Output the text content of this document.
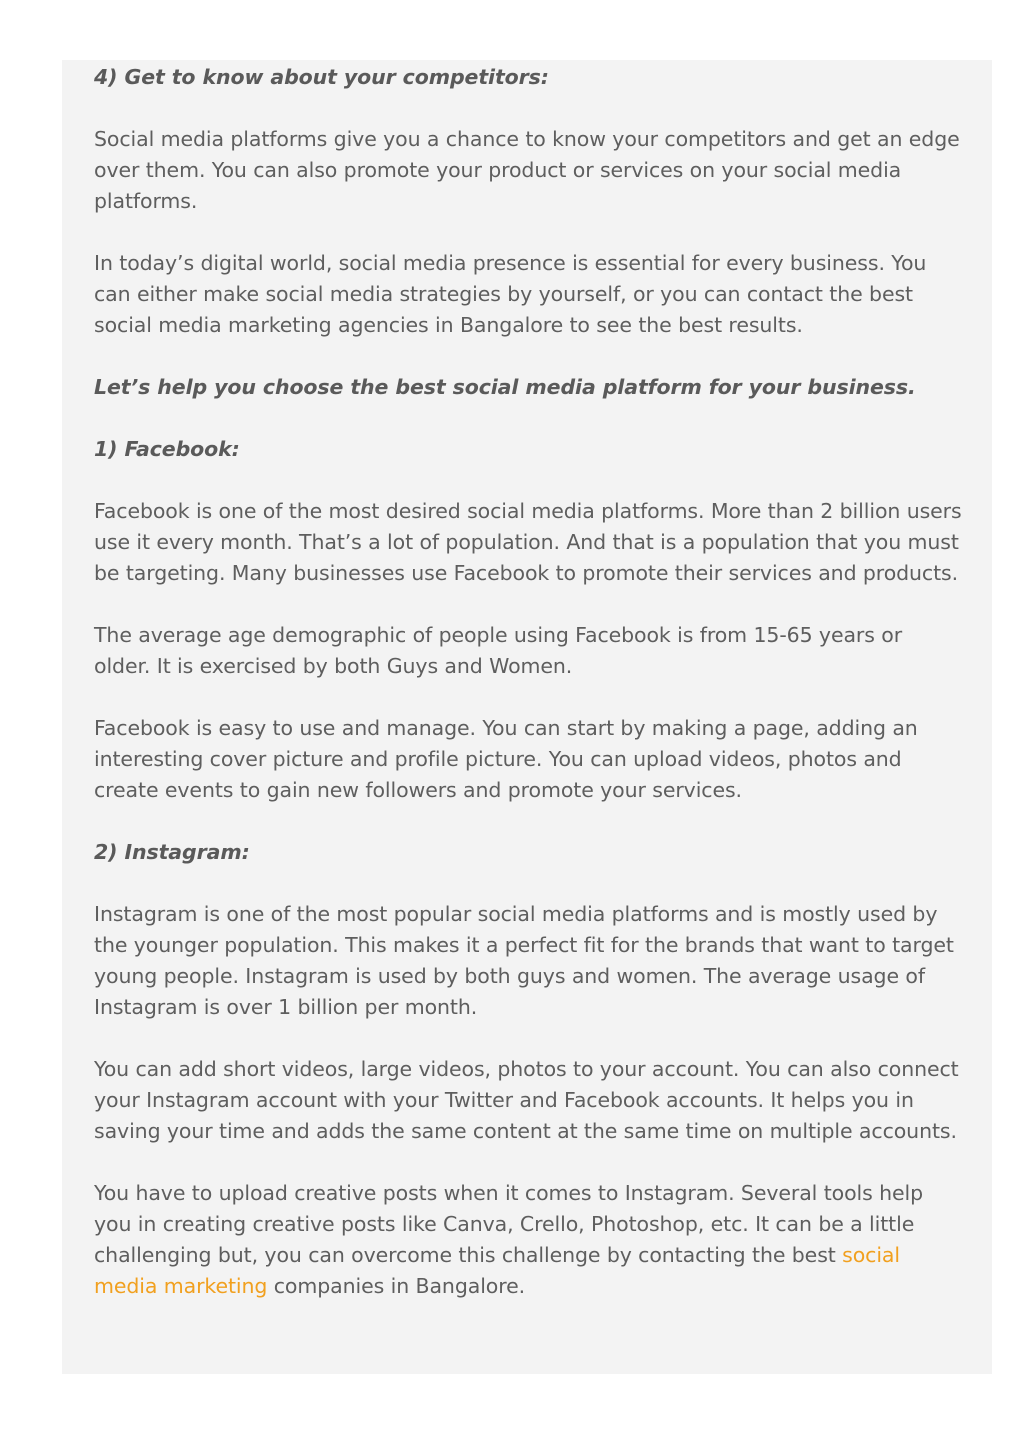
4) Get to know about your competitors:

Social media platforms give you a chance to know your competitors and get an edge over them. You can also promote your product or services on your social media platforms.

In today’s digital world, social media presence is essential for every business. You can either make social media strategies by yourself, or you can contact the best social media marketing agencies in Bangalore to see the best results.

Let’s help you choose the best social media platform for your business.

1) Facebook:

Facebook is one of the most desired social media platforms. More than 2 billion users use it every month. That’s a lot of population. And that is a population that you must be targeting. Many businesses use Facebook to promote their services and products.

The average age demographic of people using Facebook is from 15-65 years or older. It is exercised by both Guys and Women.

Facebook is easy to use and manage. You can start by making a page, adding an interesting cover picture and profile picture. You can upload videos, photos and create events to gain new followers and promote your services.

2) Instagram:

Instagram is one of the most popular social media platforms and is mostly used by the younger population. This makes it a perfect fit for the brands that want to target young people. Instagram is used by both guys and women. The average usage of Instagram is over 1 billion per month.

You can add short videos, large videos, photos to your account. You can also connect your Instagram account with your Twitter and Facebook accounts. It helps you in saving your time and adds the same content at the same time on multiple accounts.

You have to upload creative posts when it comes to Instagram. Several tools help you in creating creative posts like Canva, Crello, Photoshop, etc. It can be a little challenging but, you can overcome this challenge by contacting the best social media marketing companies in Bangalore.
